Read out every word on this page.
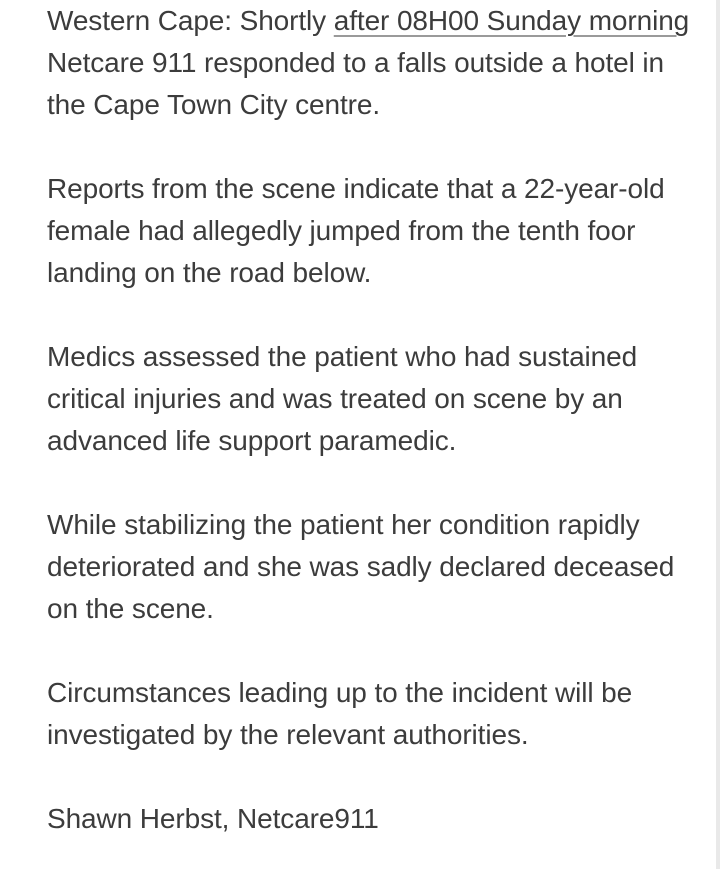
Western Cape: Shortly after 08H00 Sunday morning Netcare 911 responded to a falls outside a hotel in the Cape Town City centre.

Reports from the scene indicate that a 22-year-old female had allegedly jumped from the tenth foor landing on the road below.

Medics assessed the patient who had sustained critical injuries and was treated on scene by an advanced life support paramedic.

While stabilizing the patient her condition rapidly deteriorated and she was sadly declared deceased on the scene.

Circumstances leading up to the incident will be investigated by the relevant authorities.

Shawn Herbst, Netcare911
